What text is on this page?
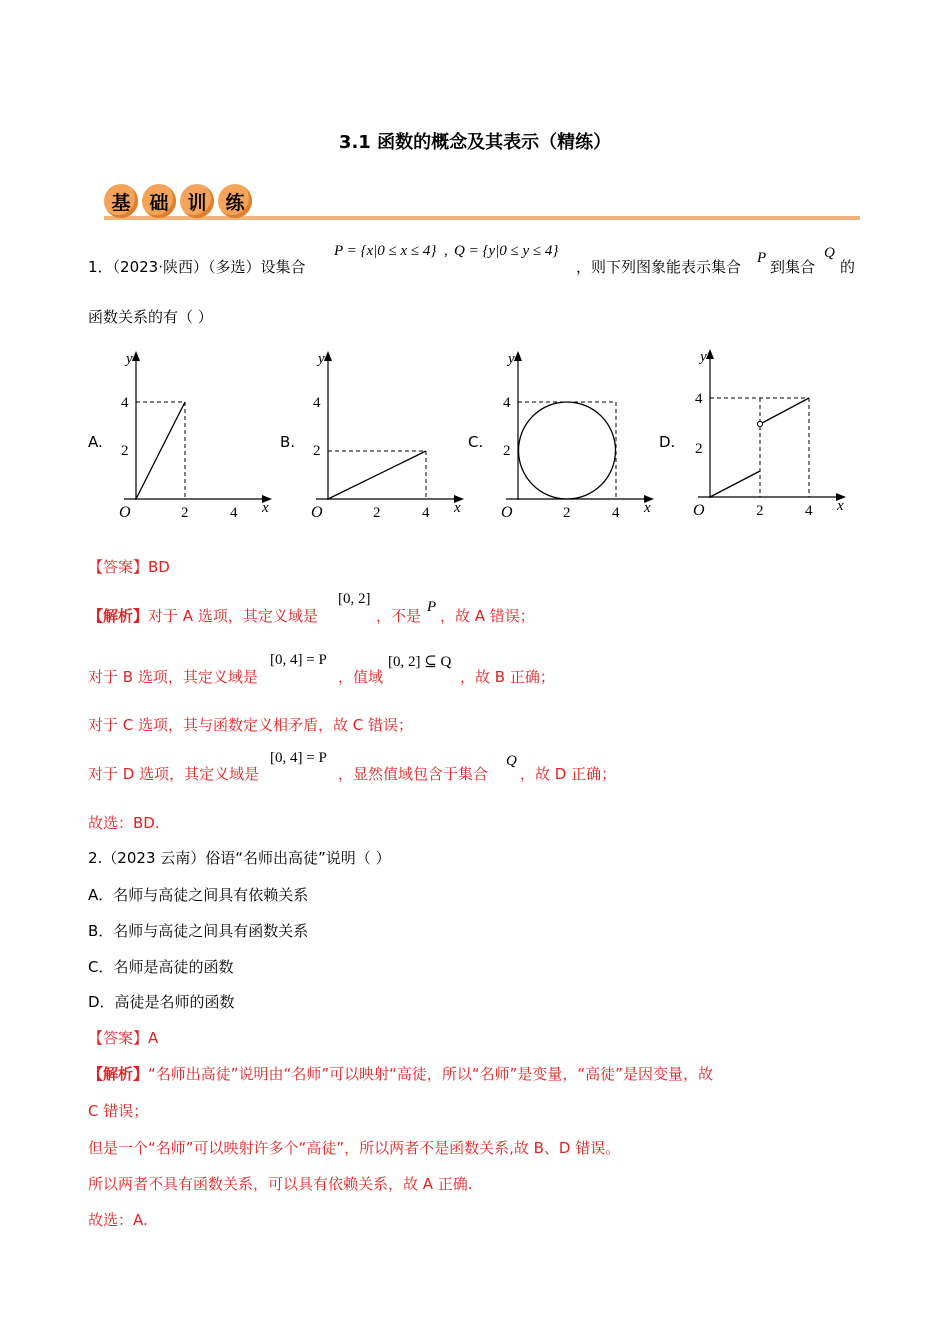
3.1 函数的概念及其表示（精练）
基 础 训 练
1．（2023·陕西）（多选）设集合
P = {x|0 ≤ x ≤ 4} , Q = {y|0 ≤ y ≤ 4}
，则下列图象能表示集合 P 到集合
Q
的
函数关系的有（ ）
A.	B.	C.	D.
y
4
2
O	2	4 x
y
4
2
O	2	4 x
y
4
2
O	2	4 x
y
4
2
O	2	4 x
【答案】BD
【解析】对于 A 选项，其定义域是
[0, 2]
，不是 P ，故 A 错误；
对于 B 选项，其定义域是
[0, 4] = P
，值域
[0, 2] ⊆ Q
，故 B 正确；
对于 C 选项，其与函数定义相矛盾，故 C 错误；
对于 D 选项，其定义域是
[0, 4] = P
，显然值域包含于集合
Q
，故 D 正确；
故选：BD.
2.（2023 云南）俗语“名师出高徒”说明（ ）
A．名师与高徒之间具有依赖关系
B．名师与高徒之间具有函数关系
C．名师是高徒的函数
D．高徒是名师的函数
【答案】A
【解析】“名师出高徒”说明由“名师”可以映射“高徒，所以“名师”是变量，“高徒”是因变量，故
C 错误；
但是一个“名师”可以映射许多个“高徒”，所以两者不是函数关系,故 B、D 错误。
所以两者不具有函数关系，可以具有依赖关系，故 A 正确.
故选：A.
